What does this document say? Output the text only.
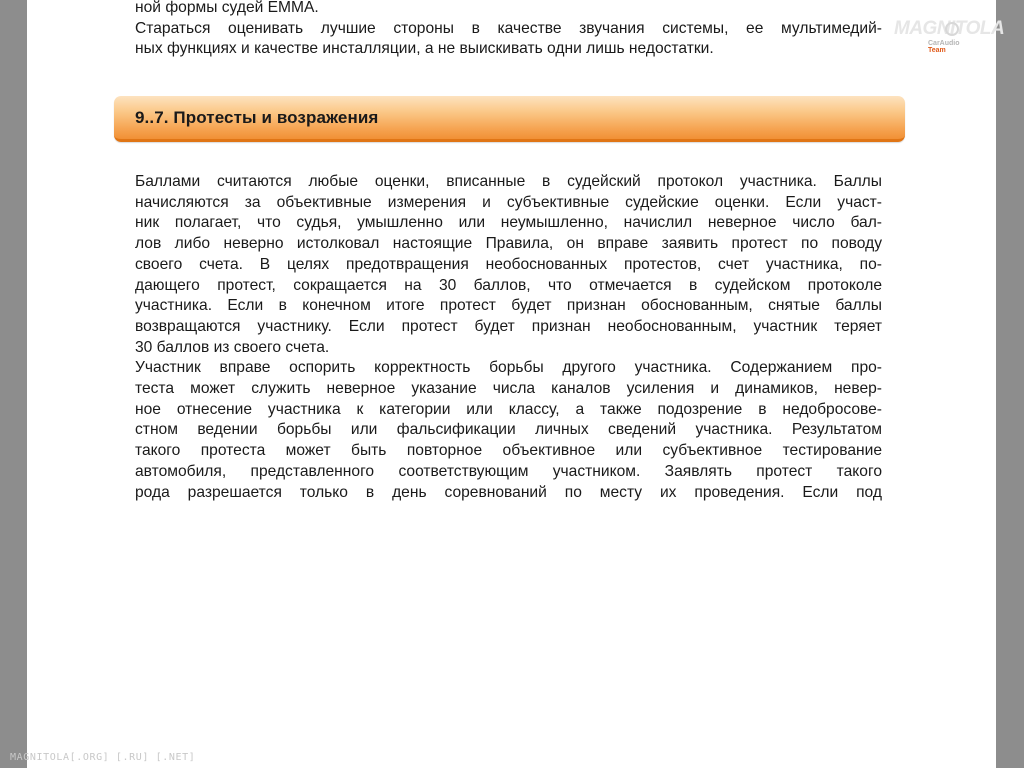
ной формы судей EMMA.
Стараться оценивать лучшие стороны в качестве звучания системы, ее мультимедий-
ных функциях и качестве инсталляции, а не выискивать одни лишь недостатки.
MAGNITOLA
CarAudio Team
9..7. Протесты и возражения
Баллами считаются любые оценки, вписанные в судейский протокол участника. Баллы
начисляются за объективные измерения и субъективные судейские оценки. Если участ-
ник полагает, что судья, умышленно или неумышленно, начислил неверное число бал-
лов либо неверно истолковал настоящие Правила, он вправе заявить протест по поводу
своего счета. В целях предотвращения необоснованных протестов, счет участника, по-
дающего протест, сокращается на 30 баллов, что отмечается в судейском протоколе
участника. Если в конечном итоге протест будет признан обоснованным, снятые баллы
возвращаются участнику. Если протест будет признан необоснованным, участник теряет
30 баллов из своего счета.
Участник вправе оспорить корректность борьбы другого участника. Содержанием про-
теста может служить неверное указание числа каналов усиления и динамиков, невер-
ное отнесение участника к категории или классу, а также подозрение в недобросове-
стном ведении борьбы или фальсификации личных сведений участника. Результатом
такого протеста может быть повторное объективное или субъективное тестирование
автомобиля, представленного соответствующим участником. Заявлять протест такого
рода разрешается только в день соревнований по месту их проведения. Если под
MAGNITOLA[.ORG] [.RU] [.NET]
